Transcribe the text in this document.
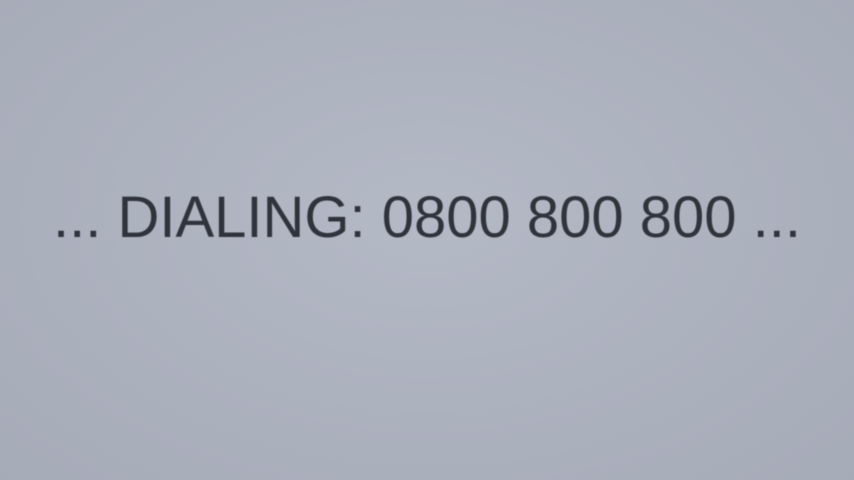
... DIALING: 0800 800 800 ...
